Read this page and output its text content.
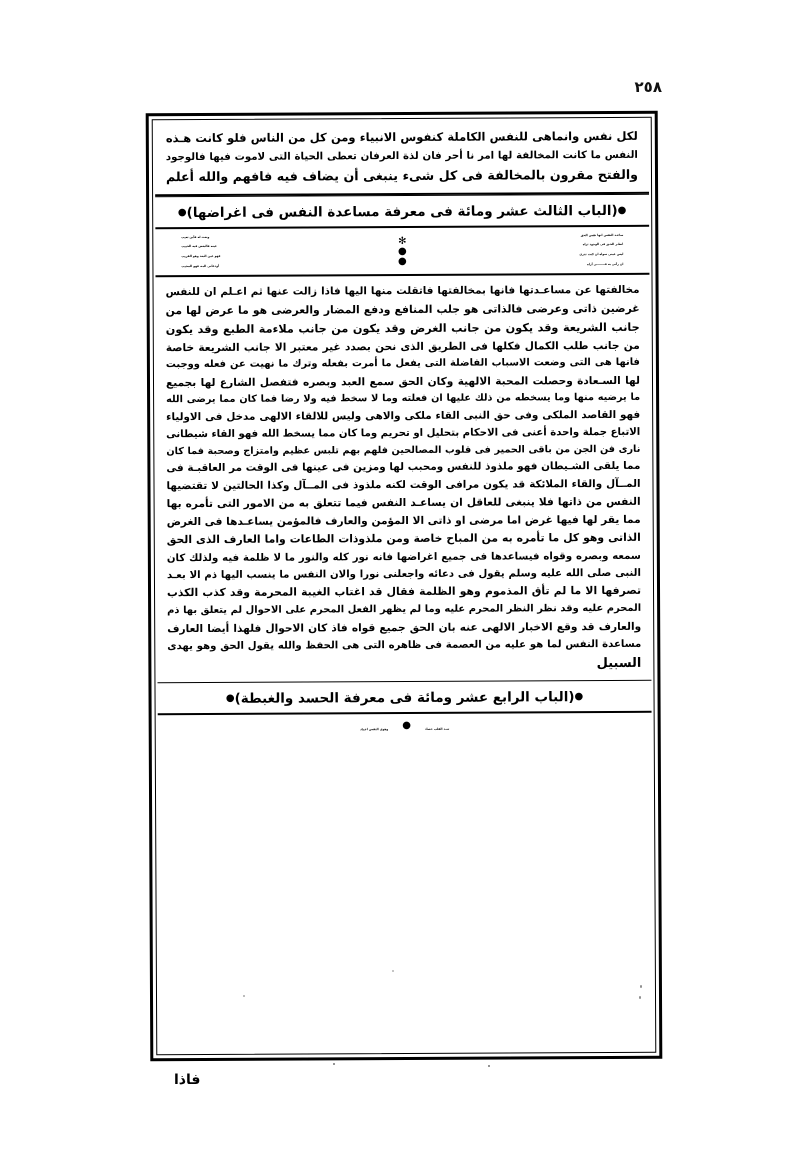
٢٥٨
لكل نفس وانماهى للنفس الكاملة كنفوس الانبياء ومن كل من الناس فلو كانت هـذه
النفس ما كانت المخالفة لها امر نا أحر فان لذة العرفان تعطى الحياة التى لاموت فيها فالوجود
والفتح مقرون بالمخالفة فى كل شىء ينبغى أن يضاف فيه فافهم والله أعلم
●(الباب الثالث عشر ومائة فى معرفة مساعدة النفس فى اغراضها)●
ساعـد النفس انها نفس الحق
ونعت له فأين تغيب
انظـر الحـق فى الوجود تراه
✻
عينه فالبغض فيه الحبيب
ليس عينى سواه ان كنت تدرى
●
فهو عين البعد وهو القريب
ان رآنى به فــــــــى أراه
●
أودعانى البـه فهو المجيب
مخالفتها عن مساعـدتها فانها بمخالفتها فاتقلت منها اليها فاذا زالت عنها ثم اعـلم ان للنفس
غرضين ذاتى وعرضى فالذاتى هو جلب المنافع ودفع المضار والعرضى هو ما عرض لها من
جانب الشريعة وقد يكون من جانب الغرض وقد يكون من جانب ملاءمة الطبع وقد يكون
من جانب طلب الكمال فكلها فى الطريق الذى نحن بصدد غير معتبر الا جانب الشريعة خاصة
فانها هى التى وضعت الاسباب الفاضلة التى يفعل ما أمرت بفعله وترك ما نهيت عن فعله ووجبت
لها السـعادة وحصلت المحبة الالهية وكان الحق سمع العبد وبصره فتفصل الشارع لها بجميع
ما يرضيه منها وما يسخطه من ذلك عليها ان فعلته وما لا سخط فيه ولا رضا فما كان مما يرضى الله
فهو القاصد الملكى وفى حق النبى القاء ملكى والاهى وليس للالقاء الالهى مدخل فى الاولياء
الاتباع جملة واحدة أعنى فى الاحكام بتحليل او تحريم وما كان مما يسخط الله فهو القاء شيطانى
نارى فن الجن من باقى الحمير فى قلوب المصالحين فلهم بهم تلبس عظيم وامتزاج وصحبة فما كان
مما يلقى الشـيطان فهو ملذوذ للنفس ومحبب لها ومزين فى عينها فى الوقت مر العاقبـة فى
المــآل والقاء الملائكة قد يكون مرافى الوقت لكنه ملذوذ فى المــآل وكذا الحالتين لا تقتضيها
النفس من ذاتها فلا ينبغى للعاقل ان يساعـد النفس فيما تتعلق به من الامور التى تأمره بها
مما يقر لها فيها غرض اما مرضى او ذاتى الا المؤمن والعارف فالمؤمن يساعـدها فى الغرض
الذاتى وهو كل ما تأمره به من المباح خاصة ومن ملذوذات الطاعات واما العارف الذى الحق
سمعه وبصره وقواه فيساعدها فى جميع اغراضها فانه نور كله والنور ما لا ظلمة فيه ولذلك كان
النبى صلى الله عليه وسلم يقول فى دعائه واجعلنى نورا والان النفس ما ينسب اليها ذم الا بعـد
تصرفها الا ما لم تأق المذموم وهو الظلمة فقال قد اغتاب الغيبة المحرمة وقد كذب الكذب
المحرم عليه وقد نظر النظر المحرم عليه وما لم يظهر الفعل المحرم على الاحوال لم يتعلق بها ذم
والعارف قد وقع الاخبار الالهى عنه بان الحق جميع قواه فاذ كان الاحوال فلهذا أيضا العارف
مساعدة النفس لما هو عليه من العصمة فى ظاهره التى هى الحفظ والله يقول الحق وهو يهدى
السبيل
●(الباب الرابع عشر ومائة فى معرفة الحسد والغبطة)●
سـد القلب حصاد●وهوى النفس اعماد
فاذا
